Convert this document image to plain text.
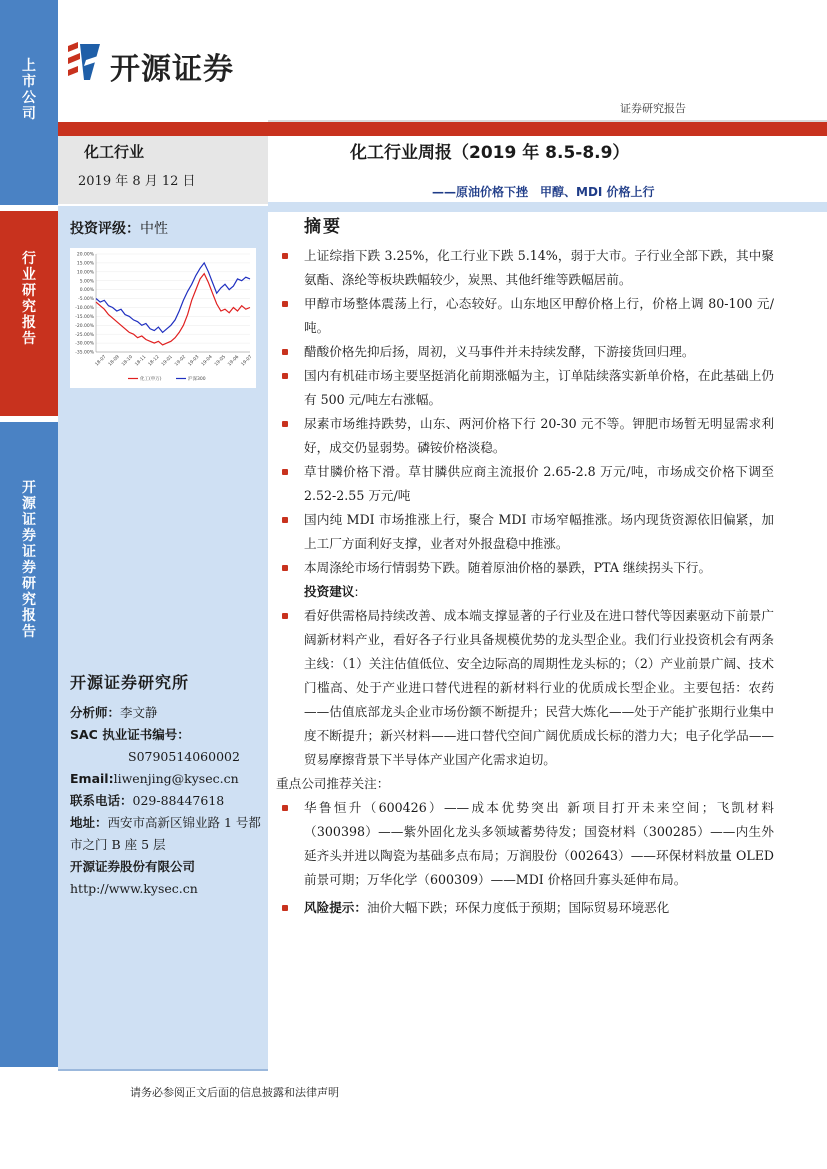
上市公司
行业研究报告
开源证券 证券研究报告
开源证券
证券研究报告
化工行业
2019 年 8 月 12 日
化工行业周报（2019 年 8.5-8.9）
——原油价格下挫　甲醇、MDI 价格上行
投资评级：中性
20.00%
15.00%
10.00%
5.00%
0.00%
-5.00%
-10.00%
-15.00%
-20.00%
-25.00%
-30.00%
-35.00%
18-07 18-09 18-10 18-11 18-12 19-01 19-02 19-03 19-04 19-05 19-06 19-07
化工(申万)	沪深300
摘要
上证综指下跌 3.25%，化工行业下跌 5.14%，弱于大市。子行业全部下跌，其中聚氨酯、涤纶等板块跌幅较少，炭黑、其他纤维等跌幅居前。
甲醇市场整体震荡上行，心态较好。山东地区甲醇价格上行，价格上调 80-100 元/吨。
醋酸价格先抑后扬，周初，义马事件并未持续发酵，下游接货回归理。
国内有机硅市场主要坚挺消化前期涨幅为主，订单陆续落实新单价格，在此基础上仍有 500 元/吨左右涨幅。
尿素市场维持跌势，山东、两河价格下行 20-30 元不等。钾肥市场暂无明显需求利好，成交仍显弱势。磷铵价格淡稳。
草甘膦价格下滑。草甘膦供应商主流报价 2.65-2.8 万元/吨，市场成交价格下调至 2.52-2.55 万元/吨
国内纯 MDI 市场推涨上行，聚合 MDI 市场窄幅推涨。场内现货资源依旧偏紧，加上工厂方面利好支撑，业者对外报盘稳中推涨。
本周涤纶市场行情弱势下跌。随着原油价格的暴跌，PTA 继续拐头下行。
投资建议:
看好供需格局持续改善、成本端支撑显著的子行业及在进口替代等因素驱动下前景广阔新材料产业，看好各子行业具备规模优势的龙头型企业。我们行业投资机会有两条主线：（1）关注估值低位、安全边际高的周期性龙头标的；（2）产业前景广阔、技术门槛高、处于产业进口替代进程的新材料行业的优质成长型企业。主要包括：农药——估值底部龙头企业市场份额不断提升；民营大炼化——处于产能扩张期行业集中度不断提升；新兴材料——进口替代空间广阔优质成长标的潜力大；电子化学品——贸易摩擦背景下半导体产业国产化需求迫切。
重点公司推荐关注：
华鲁恒升（600426）——成本优势突出 新项目打开未来空间；飞凯材料（300398）——紫外固化龙头多领域蓄势待发；国瓷材料（300285）——内生外延齐头并进以陶瓷为基础多点布局；万润股份（002643）——环保材料放量 OLED 前景可期；万华化学（600309）——MDI 价格回升寡头延伸布局。
风险提示：油价大幅下跌；环保力度低于预期；国际贸易环境恶化
开源证券研究所
分析师：李文静
SAC 执业证书编号：
S0790514060002
Email:liwenjing@kysec.cn
联系电话：029-88447618
地址：西安市高新区锦业路 1 号都市之门 B 座 5 层
开源证券股份有限公司
http://www.kysec.cn
请务必参阅正文后面的信息披露和法律声明
